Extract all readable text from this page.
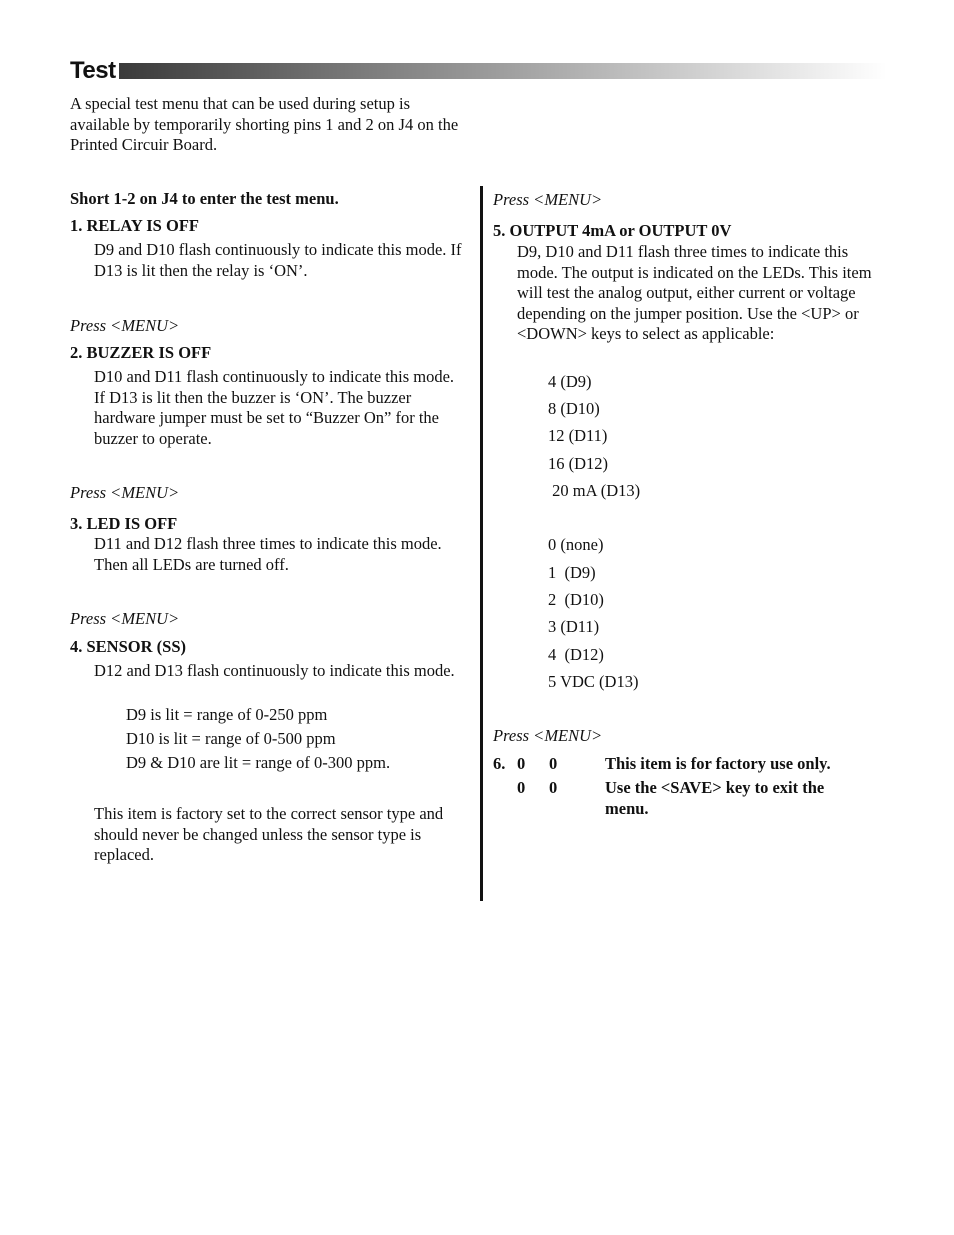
Test
A special test menu that can be used during setup is available by temporarily shorting pins 1 and 2 on J4 on the Printed Circuir Board.
Short 1-2 on J4 to enter the test menu.
1. RELAY IS OFF
D9 and D10 flash continuously to indicate this mode. If D13 is lit then the relay is ‘ON’.
Press <MENU>
2. BUZZER IS OFF
D10 and D11 flash continuously to indicate this mode. If D13 is lit then the buzzer is ‘ON’. The buzzer hardware jumper must be set to “Buzzer On” for the buzzer to operate.
Press <MENU>
3. LED IS OFF
D11 and D12 flash three times to indicate this mode. Then all LEDs are turned off.
Press <MENU>
4. SENSOR (SS)
D12 and D13 flash continuously to indicate this mode.
D9 is lit = range of 0-250 ppm
D10 is lit = range of 0-500 ppm
D9 & D10 are lit = range of 0-300 ppm.
This item is factory set to the correct sensor type and should never be changed unless the sensor type is replaced.
Press <MENU>
5. OUTPUT 4mA or OUTPUT 0V
D9, D10 and D11 flash three times to indicate this mode. The output is indicated on the LEDs. This item will test the analog output, either current or voltage depending on the jumper position. Use the <UP> or <DOWN> keys to select as applicable:
4 (D9)
8 (D10)
12 (D11)
16 (D12)
20 mA (D13)
0 (none)
1  (D9)
2  (D10)
3 (D11)
4  (D12)
5 VDC (D13)
Press <MENU>
6. 0 0	This item is for factory use only.
0 0	Use the <SAVE> key to exit the menu.
